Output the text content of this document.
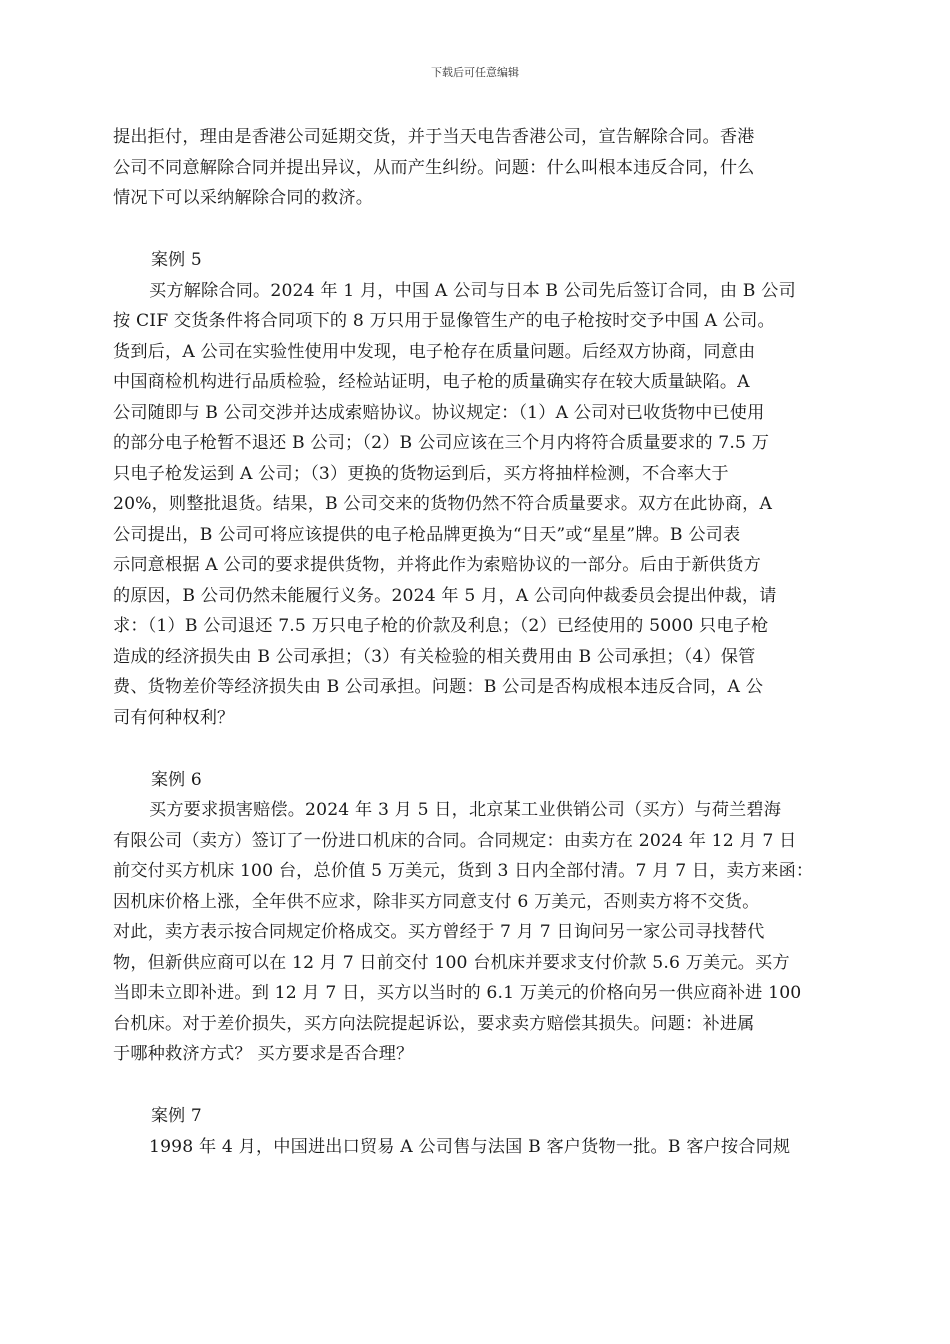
下载后可任意编辑
提出拒付，理由是香港公司延期交货，并于当天电告香港公司，宣告解除合同。香港
公司不同意解除合同并提出异议，从而产生纠纷。问题：什么叫根本违反合同，什么
情况下可以采纳解除合同的救济。
案例 5
买方解除合同。2024 年 1 月，中国 A 公司与日本 B 公司先后签订合同，由 B 公司
按 CIF 交货条件将合同项下的 8 万只用于显像管生产的电子枪按时交予中国 A 公司。
货到后，A 公司在实验性使用中发现，电子枪存在质量问题。后经双方协商，同意由
中国商检机构进行品质检验，经检站证明，电子枪的质量确实存在较大质量缺陷。A
公司随即与 B 公司交涉并达成索赔协议。协议规定：（1）A 公司对已收货物中已使用
的部分电子枪暂不退还 B 公司；（2）B 公司应该在三个月内将符合质量要求的 7.5 万
只电子枪发运到 A 公司；（3）更换的货物运到后，买方将抽样检测，不合率大于
20%，则整批退货。结果，B 公司交来的货物仍然不符合质量要求。双方在此协商，A
公司提出，B 公司可将应该提供的电子枪品牌更换为“日天”或“星星”牌。B 公司表
示同意根据 A 公司的要求提供货物，并将此作为索赔协议的一部分。后由于新供货方
的原因，B 公司仍然未能履行义务。2024 年 5 月，A 公司向仲裁委员会提出仲裁，请
求：（1）B 公司退还 7.5 万只电子枪的价款及利息；（2）已经使用的 5000 只电子枪
造成的经济损失由 B 公司承担；（3）有关检验的相关费用由 B 公司承担；（4）保管
费、货物差价等经济损失由 B 公司承担。问题：B 公司是否构成根本违反合同，A 公
司有何种权利？
案例 6
买方要求损害赔偿。2024 年 3 月 5 日，北京某工业供销公司（买方）与荷兰碧海
有限公司（卖方）签订了一份进口机床的合同。合同规定：由卖方在 2024 年 12 月 7 日
前交付买方机床 100 台，总价值 5 万美元，货到 3 日内全部付清。7 月 7 日，卖方来函：
因机床价格上涨，全年供不应求，除非买方同意支付 6 万美元，否则卖方将不交货。
对此，卖方表示按合同规定价格成交。买方曾经于 7 月 7 日询问另一家公司寻找替代
物，但新供应商可以在 12 月 7 日前交付 100 台机床并要求支付价款 5.6 万美元。买方
当即未立即补进。到 12 月 7 日，买方以当时的 6.1 万美元的价格向另一供应商补进 100
台机床。对于差价损失，买方向法院提起诉讼，要求卖方赔偿其损失。问题：补进属
于哪种救济方式？ 买方要求是否合理？
案例 7
1998 年 4 月，中国进出口贸易 A 公司售与法国 B 客户货物一批。B 客户按合同规
